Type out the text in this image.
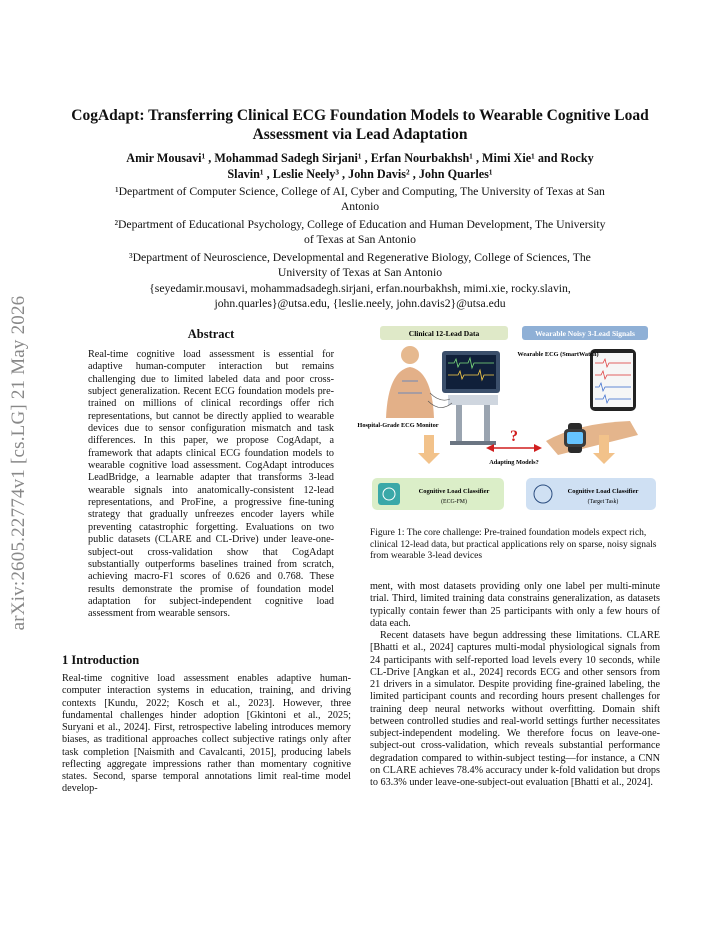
arXiv:2605.22774v1 [cs.LG] 21 May 2026
CogAdapt: Transferring Clinical ECG Foundation Models to Wearable Cognitive Load Assessment via Lead Adaptation
Amir Mousavi¹ , Mohammad Sadegh Sirjani¹ , Erfan Nourbakhsh¹ , Mimi Xie¹ and Rocky
Slavin¹ , Leslie Neely³ , John Davis² , John Quarles¹
¹Department of Computer Science, College of AI, Cyber and Computing, The University of Texas at San
Antonio
²Department of Educational Psychology, College of Education and Human Development, The University
of Texas at San Antonio
³Department of Neuroscience, Developmental and Regenerative Biology, College of Sciences, The
University of Texas at San Antonio
{seyedamir.mousavi, mohammadsadegh.sirjani, erfan.nourbakhsh, mimi.xie, rocky.slavin,
john.quarles}@utsa.edu, {leslie.neely, john.davis2}@utsa.edu
Abstract
Real-time cognitive load assessment is essential for adaptive human-computer interaction but remains challenging due to limited labeled data and poor cross-subject generalization. Recent ECG foundation models pre-trained on millions of clinical recordings offer rich representations, but cannot be directly applied to wearable devices due to sensor configuration mismatch and task differences. In this paper, we propose CogAdapt, a framework that adapts clinical ECG foundation models to wearable cognitive load assessment. CogAdapt introduces LeadBridge, a learnable adapter that transforms 3-lead wearable signals into anatomically-consistent 12-lead representations, and ProFine, a progressive fine-tuning strategy that gradually unfreezes encoder layers while preventing catastrophic forgetting. Evaluations on two public datasets (CLARE and CL-Drive) under leave-one-subject-out cross-validation show that CogAdapt substantially outperforms baselines trained from scratch, achieving macro-F1 scores of 0.626 and 0.768. These results demonstrate the promise of foundation model adaptation for subject-independent cognitive load assessment from wearable sensors.
1 Introduction
Real-time cognitive load assessment enables adaptive human-computer interaction systems in education, training, and driving contexts [Kundu, 2022; Kosch et al., 2023]. However, three fundamental challenges hinder adoption [Gkintoni et al., 2025; Suryani et al., 2024]. First, retrospective labeling introduces memory biases, as traditional approaches collect subjective ratings only after task completion [Naismith and Cavalcanti, 2015], producing labels reflecting aggregate impressions rather than momentary cognitive states. Second, sparse temporal annotations limit real-time model develop-
Clinical 12-Lead Data	Wearable Noisy 3-Lead Signals
Hospital-Grade ECG Monitor
Wearable ECG (SmartWatch)
?
Adapting Models?
Cognitive Load Classifier
(ECG-FM)
Cognitive Load Classifier
(Target Task)
Figure 1: The core challenge: Pre-trained foundation models expect rich, clinical 12-lead data, but practical applications rely on sparse, noisy signals from wearable 3-lead devices
ment, with most datasets providing only one label per multi-minute trial. Third, limited training data constrains generalization, as datasets typically contain fewer than 25 participants with only a few hours of data each.
Recent datasets have begun addressing these limitations. CLARE [Bhatti et al., 2024] captures multi-modal physiological signals from 24 participants with self-reported load levels every 10 seconds, while CL-Drive [Angkan et al., 2024] records ECG and other sensors from 21 drivers in a simulator. Despite providing fine-grained labeling, the limited participant counts and recording hours present challenges for training deep neural networks without overfitting. Domain shift between controlled studies and real-world settings further necessitates subject-independent modeling. We therefore focus on leave-one-subject-out cross-validation, which reveals substantial performance degradation compared to within-subject testing—for instance, a CNN on CLARE achieves 78.4% accuracy under k-fold validation but drops to 63.3% under leave-one-subject-out evaluation [Bhatti et al., 2024].
